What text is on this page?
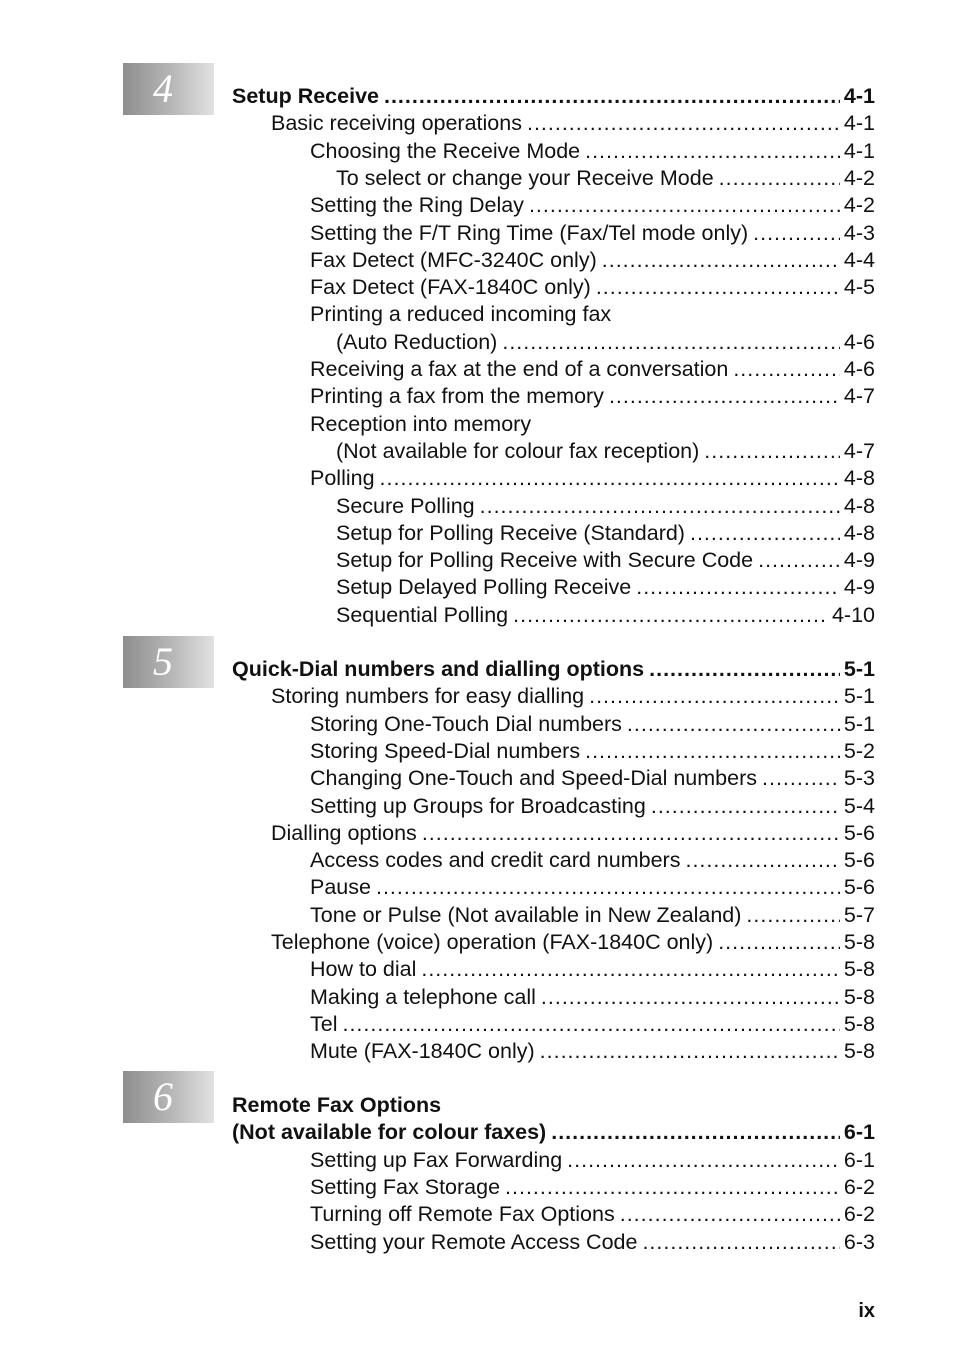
4
5
6
Setup Receive .....	4-1
Basic receiving operations .....	4-1
Choosing the Receive Mode .....	4-1
To select or change your Receive Mode .....	4-2
Setting the Ring Delay .....	4-2
Setting the F/T Ring Time (Fax/Tel mode only) .....	4-3
Fax Detect (MFC-3240C only) .....	4-4
Fax Detect (FAX-1840C only) .....	4-5
Printing a reduced incoming fax
(Auto Reduction) .....	4-6
Receiving a fax at the end of a conversation .....	4-6
Printing a fax from the memory .....	4-7
Reception into memory
(Not available for colour fax reception) .....	4-7
Polling .....	4-8
Secure Polling .....	4-8
Setup for Polling Receive (Standard) .....	4-8
Setup for Polling Receive with Secure Code .....	4-9
Setup Delayed Polling Receive .....	4-9
Sequential Polling .....	4-10
Quick-Dial numbers and dialling options .....	5-1
Storing numbers for easy dialling .....	5-1
Storing One-Touch Dial numbers .....	5-1
Storing Speed-Dial numbers .....	5-2
Changing One-Touch and Speed-Dial numbers .....	5-3
Setting up Groups for Broadcasting .....	5-4
Dialling options .....	5-6
Access codes and credit card numbers .....	5-6
Pause .....	5-6
Tone or Pulse (Not available in New Zealand) .....	5-7
Telephone (voice) operation (FAX-1840C only) .....	5-8
How to dial .....	5-8
Making a telephone call .....	5-8
Tel .....	5-8
Mute (FAX-1840C only) .....	5-8
Remote Fax Options
(Not available for colour faxes) .....	6-1
Setting up Fax Forwarding .....	6-1
Setting Fax Storage .....	6-2
Turning off Remote Fax Options .....	6-2
Setting your Remote Access Code .....	6-3
ix
